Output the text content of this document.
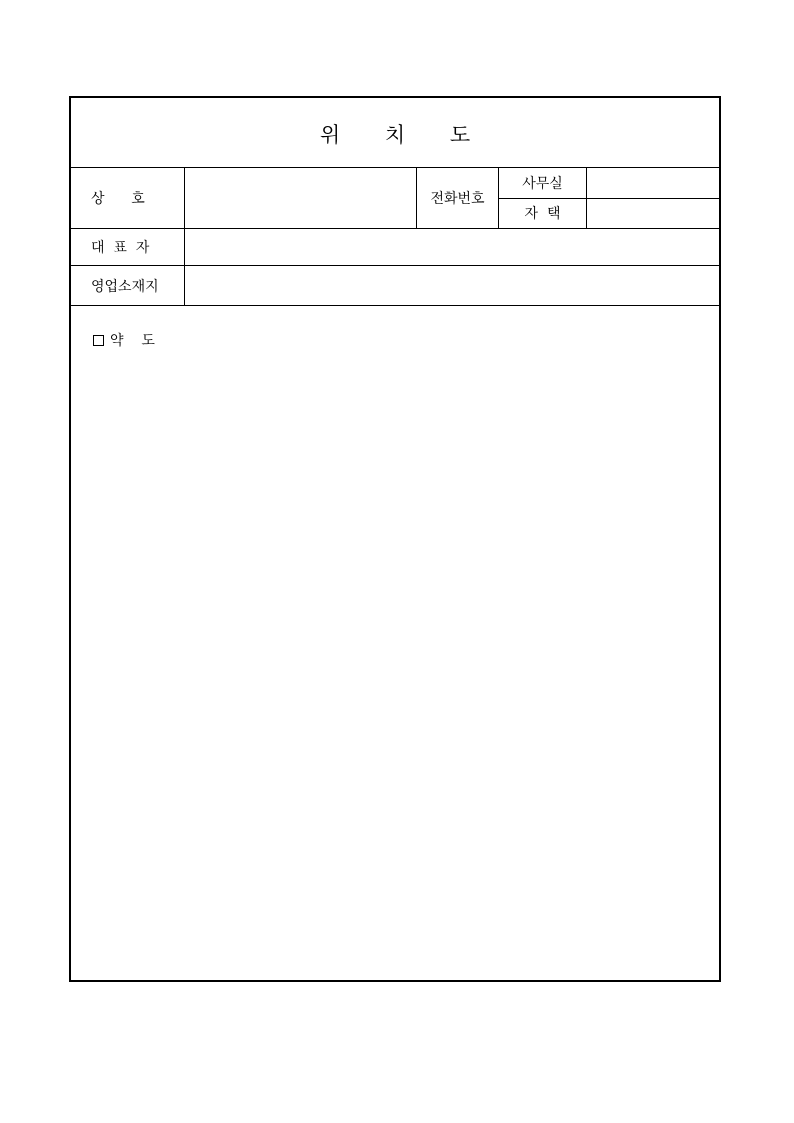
위 치 도
상      호	전화번호
사무실
자  택
대  표  자
영업소재지
약    도
